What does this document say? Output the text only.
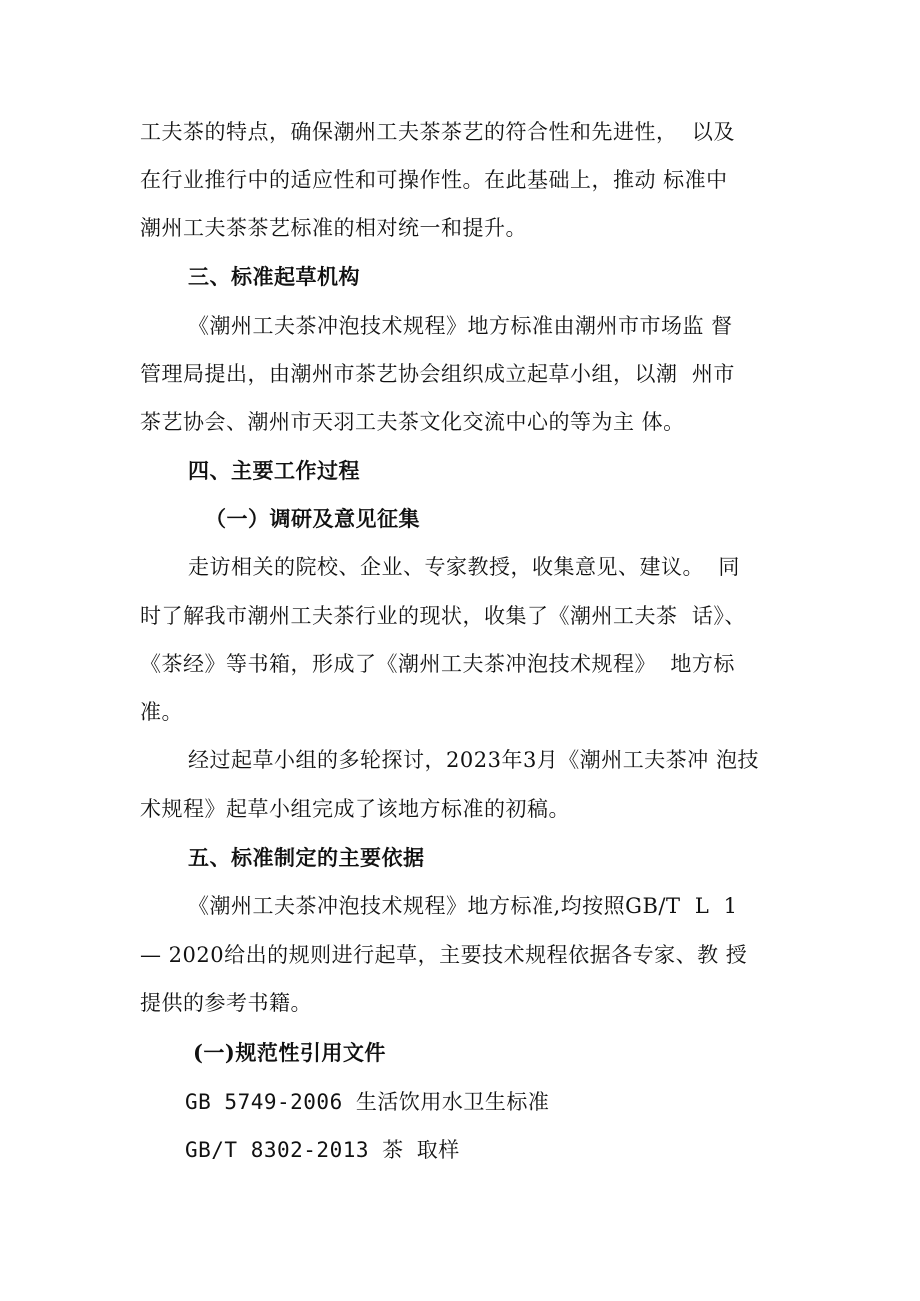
工夫茶的特点，确保潮州工夫茶茶艺的符合性和先进性，  以及
在行业推行中的适应性和可操作性。在此基础上，推动 标准中
潮州工夫茶茶艺标准的相对统一和提升。
三、标准起草机构
《潮州工夫茶冲泡技术规程》地方标准由潮州市市场监 督
管理局提出，由潮州市茶艺协会组织成立起草小组，以潮  州市
茶艺协会、潮州市天羽工夫茶文化交流中心的等为主 体。
四、主要工作过程
（一）调研及意见征集
走访相关的院校、企业、专家教授，收集意见、建议。  同
时了解我市潮州工夫茶行业的现状，收集了《潮州工夫茶  话》、
《茶经》等书箱，形成了《潮州工夫茶冲泡技术规程》  地方标
准。
经过起草小组的多轮探讨，2023年3月《潮州工夫茶冲 泡技
术规程》起草小组完成了该地方标准的初稿。
五、标准制定的主要依据
《潮州工夫茶冲泡技术规程》地方标准,均按照GB/T  L  1
— 2020给出的规则进行起草，主要技术规程依据各专家、教 授
提供的参考书籍。
(一)规范性引用文件
GB 5749-2006 生活饮用水卫生标准
GB/T 8302-2013 茶 取样
